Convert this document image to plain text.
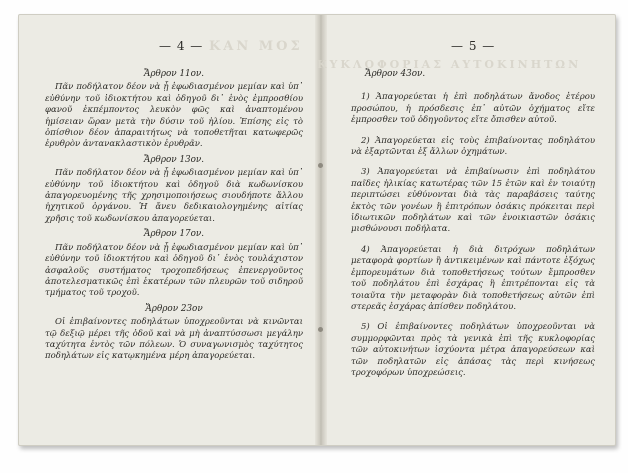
ΚΑΝ ΜΟΣ
— 4 —
Ἄρθρον 11ον.

Πᾶν ποδήλατον δέον νὰ ᾖ ἐφωδιασμένον μεμίαν καὶ ὑπ᾽ εὐθύνην τοῦ ἰδιοκτήτου καὶ ὁδηγοῦ δι᾽ ἑνὸς ἐμπροσθίου φανοῦ ἐκπέμποντος λευκὸν φῶς καὶ ἀναπτομένου ἡμίσειαν ὥραν μετὰ τὴν δύσιν τοῦ ἡλίου. Ἐπίσης εἰς τὸ ὀπίσθιον δέον ἀπαραιτήτως νὰ τοποθετῆται κατωφερῶς ἐρυθρὸν ἀντανακλαστικὸν ἐρυθρᾶν.

Ἄρθρον 13ον.

Πᾶν ποδήλατον δέον νὰ ᾖ ἐφωδιασμένον μεμίαν καὶ ὑπ᾽ εὐθύνην τοῦ ἰδιοκτήτου καὶ ὁδηγοῦ διὰ κωδωνίσκου ἀπαγορευομένης τῆς χρησιμοποιήσεως σιουδήποτε ἄλλου ἠχητικοῦ ὀργάνου. Ἡ ἄνευ δεδικαιολογημένης αἰτίας χρῆσις τοῦ κωδωνίσκου ἀπαγορεύεται.

Ἄρθρον 17ον.

Πᾶν ποδήλατον δέον νὰ ᾖ ἐφωδιασμένον μεμίαν καὶ ὑπ᾽ εὐθύνην τοῦ ἰδιοκτήτου καὶ ὁδηγοῦ δι᾽ ἑνὸς τουλάχιστον ἀσφαλοῦς συστήματος τροχοπεδήσεως ἐπενεργοῦντος ἀποτελεσματικῶς ἐπὶ ἑκατέρων τῶν πλευρῶν τοῦ σιδηροῦ τμήματος τοῦ τροχοῦ.

Ἄρθρον 23ον

Οἱ ἐπιβαίνοντες ποδηλάτων ὑποχρεοῦνται νὰ κινῶνται τῷ δεξιῷ μέρει τῆς ὁδοῦ καὶ νὰ μὴ ἀναπτύσσωσι μεγάλην ταχύτητα ἐντὸς τῶν πόλεων. Ὁ συναγωνισμὸς ταχύτητος ποδηλάτων εἰς κατῳκημένα μέρη ἀπαγορεύεται.

ΚΥΚΛΟΦΟΡΙΑΣ ΑΥΤΟΚΙΝΗΤΩΝ
— 5 —
Ἄρθρον 43ον.

1) Ἀπαγορεύεται ἡ ἐπὶ ποδηλάτων ἄνοδος ἑτέρου προσώπου, ἡ πρόσδεσις ἐπ᾽ αὐτῶν ὀχήματος εἴτε ἐμπροσθεν τοῦ ὁδηγοῦντος εἴτε ὄπισθεν αὐτοῦ.

2) Ἀπαγορεύεται εἰς τοὺς ἐπιβαίνοντας ποδηλάτου νὰ ἐξαρτῶνται ἐξ ἄλλων ὀχημάτων.

3) Ἀπαγορεύεται νὰ ἐπιβαίνωσιν ἐπὶ ποδηλάτου παῖδες ἡλικίας κατωτέρας τῶν 15 ἐτῶν καὶ ἐν τοιαύτῃ περιπτώσει εὐθύνονται διὰ τὰς παραβάσεις ταύτης ἐκτὸς τῶν γονέων ἢ ἐπιτρόπων ὁσάκις πρόκειται περὶ ἰδιωτικῶν ποδηλάτων καὶ τῶν ἐνοικιαστῶν ὁσάκις μισθώνουσι ποδήλατα.

4) Ἀπαγορεύεται ἡ διὰ διτρόχων ποδηλάτων μεταφορὰ φορτίων ἢ ἀντικειμένων καὶ πάντοτε ἐξόχως ἐμπορευμάτων διὰ τοποθετήσεως τούτων ἔμπροσθεν τοῦ ποδηλάτου ἐπὶ ἐσχάρας ἢ ἐπιτρέπονται εἰς τὰ τοιαῦτα τὴν μεταφορὰν διὰ τοποθετήσεως αὐτῶν ἐπὶ στερεᾶς ἐσχάρας ἀπίσθεν ποδηλάτου.

5) Οἱ ἐπιβαίνοντες ποδηλάτων ὑποχρεοῦνται νὰ συμμορφῶνται πρὸς τὰ γενικὰ ἐπὶ τῆς κυκλοφορίας τῶν αὐτοκινήτων ἰσχύοντα μέτρα ἀπαγορεύσεων καὶ τῶν ποδηλατῶν εἰς ἁπάσας τὰς περὶ κινήσεως τροχοφόρων ὑποχρεώσεις.
